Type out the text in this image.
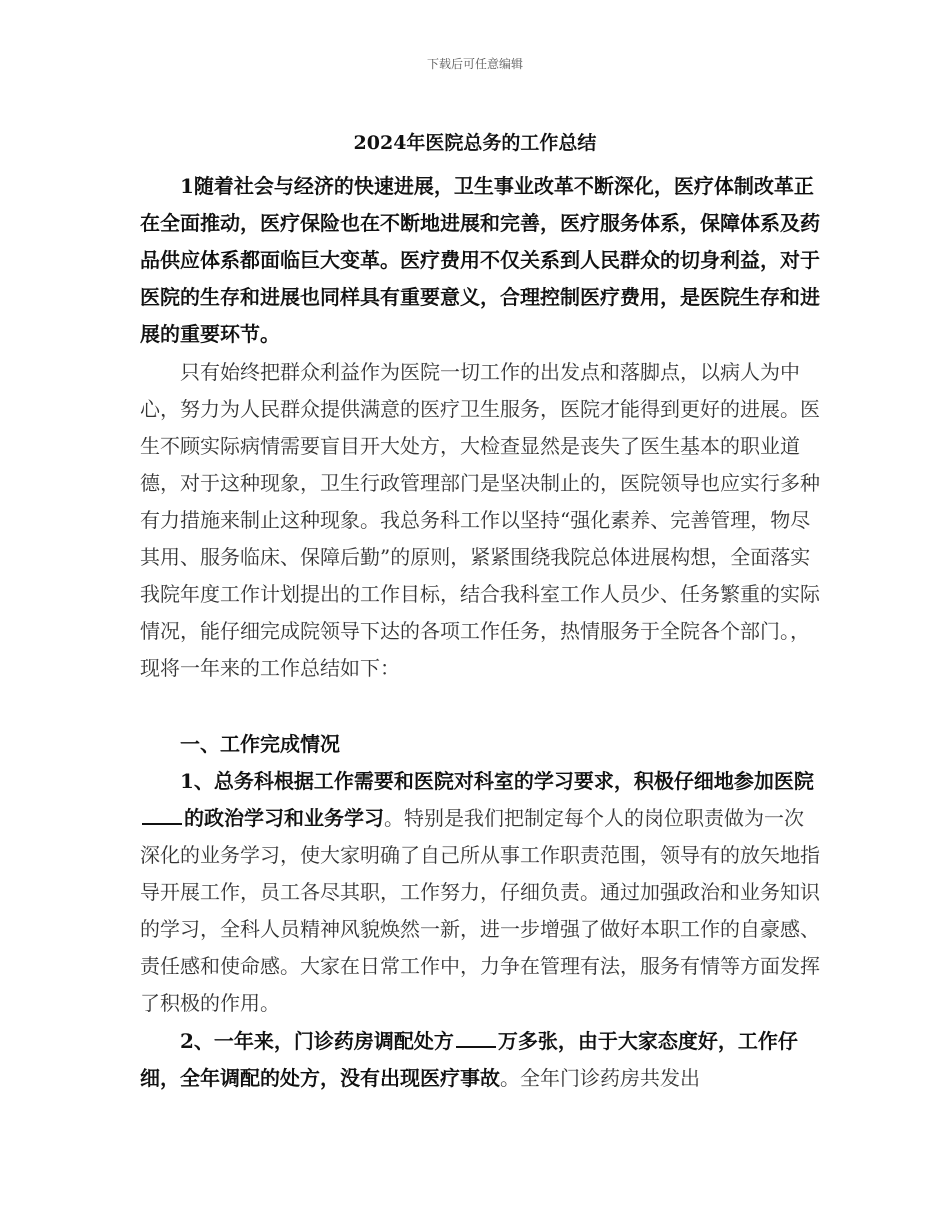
下载后可任意编辑
2024年医院总务的工作总结

1随着社会与经济的快速进展，卫生事业改革不断深化，医疗体制改革正在全面推动，医疗保险也在不断地进展和完善，医疗服务体系，保障体系及药品供应体系都面临巨大变革。医疗费用不仅关系到人民群众的切身利益，对于医院的生存和进展也同样具有重要意义，合理控制医疗费用，是医院生存和进展的重要环节。

只有始终把群众利益作为医院一切工作的出发点和落脚点，以病人为中心，努力为人民群众提供满意的医疗卫生服务，医院才能得到更好的进展。医生不顾实际病情需要盲目开大处方，大检查显然是丧失了医生基本的职业道德，对于这种现象，卫生行政管理部门是坚决制止的，医院领导也应实行多种有力措施来制止这种现象。我总务科工作以坚持“强化素养、完善管理，物尽其用、服务临床、保障后勤”的原则，紧紧围绕我院总体进展构想，全面落实我院年度工作计划提出的工作目标，结合我科室工作人员少、任务繁重的实际情况，能仔细完成院领导下达的各项工作任务，热情服务于全院各个部门。，现将一年来的工作总结如下：

一、工作完成情况

1、总务科根据工作需要和医院对科室的学习要求，积极仔细地参加医院的政治学习和业务学习。特别是我们把制定每个人的岗位职责做为一次深化的业务学习，使大家明确了自己所从事工作职责范围，领导有的放矢地指导开展工作，员工各尽其职，工作努力，仔细负责。通过加强政治和业务知识的学习，全科人员精神风貌焕然一新，进一步增强了做好本职工作的自豪感、责任感和使命感。大家在日常工作中，力争在管理有法，服务有情等方面发挥了积极的作用。

2、一年来，门诊药房调配处方 万多张，由于大家态度好，工作仔细，全年调配的处方，没有出现医疗事故。全年门诊药房共发出
